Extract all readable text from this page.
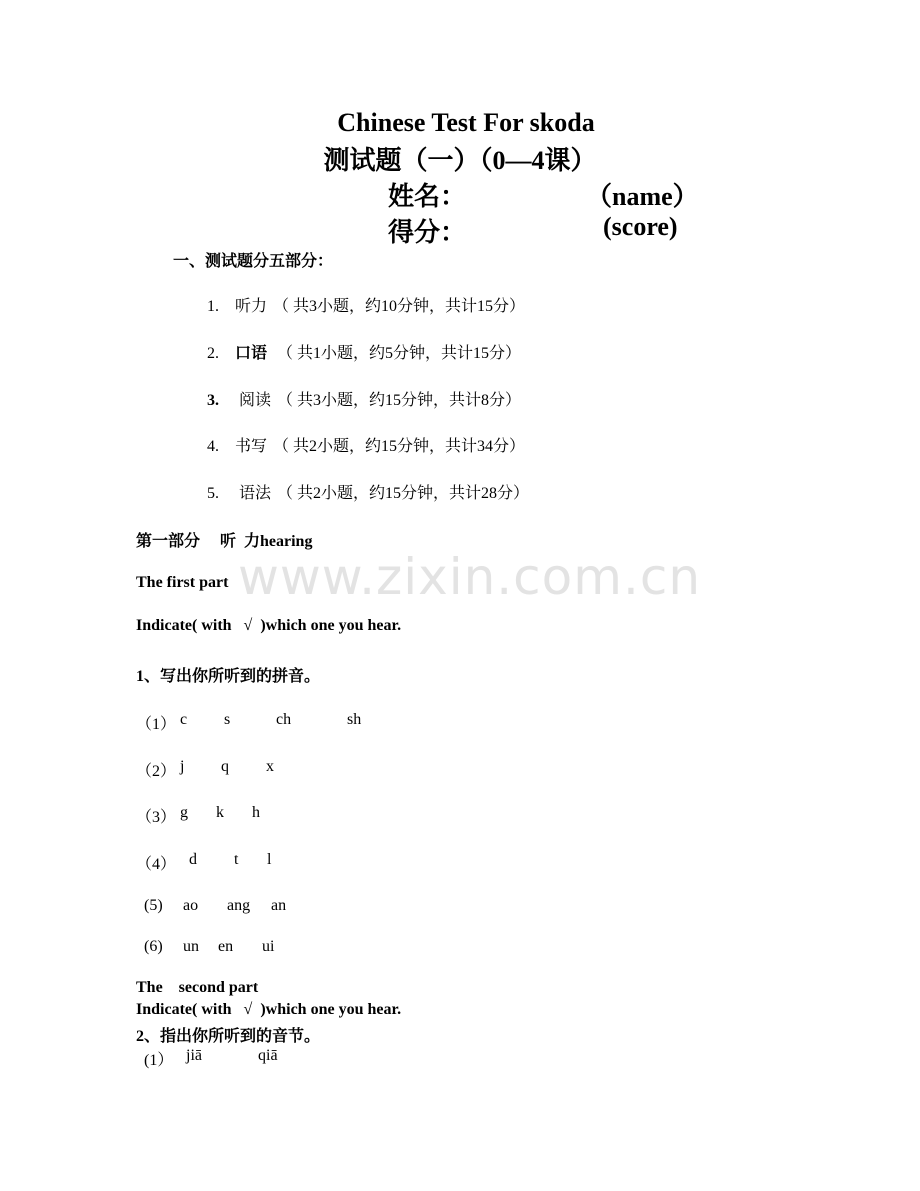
www.zixin.com.cn
Chinese Test For skoda
测试题（一）（0—4课）
姓名：	（name）
得分：	(score)
一、测试题分五部分：
1. 听力 （ 共3小题，约10分钟，共计15分）
2. 口语 （ 共1小题，约5分钟，共计15分）
3. 阅读 （ 共3小题，约15分钟，共计8分）
4. 书写 （ 共2小题，约15分钟，共计34分）
5. 语法 （ 共2小题，约15分钟，共计28分）
第一部分     听  力hearing
The first part
Indicate( with   √  )which one you hear.
1、写出你所听到的拼音。
（1） c s	ch	sh
（2） j q x
（3） g k h
（4） d t l
(5) ao ang an
(6) un en ui
The    second part
Indicate( with   √  )which one you hear.
2、指出你所听到的音节。
(1） jiā	qiā
